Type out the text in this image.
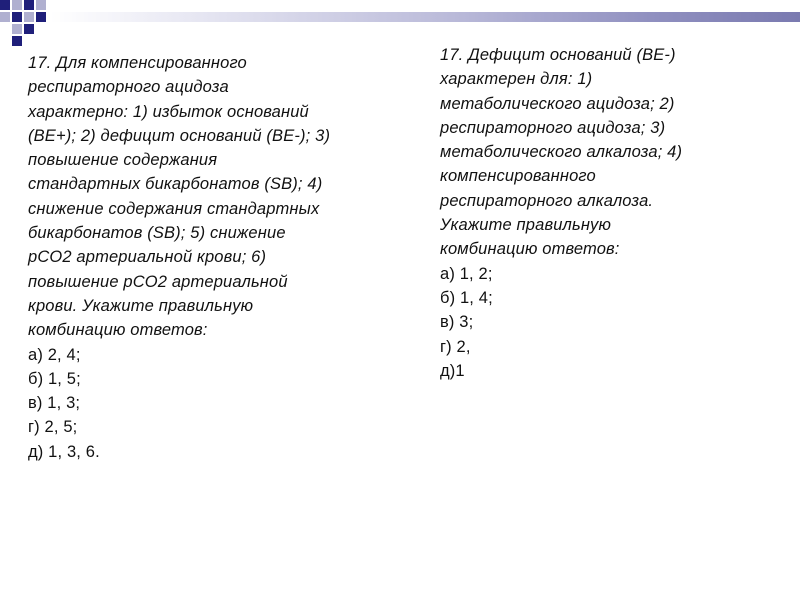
17. Для компенсированного

респираторного ацидоза

характерно: 1) избыток оснований

(BE+); 2) дефицит оснований (BE-); 3)

повышение содержания

стандартных бикарбонатов (SB); 4)

снижение содержания стандартных

бикарбонатов (SB); 5) снижение

pCO2 артериальной крови; 6)

повышение pCO2 артериальной

крови. Укажите правильную

комбинацию ответов:

а) 2, 4;

б) 1, 5;

в) 1, 3;

г) 2, 5;

д) 1, 3, 6.

17. Дефицит оснований (BE-)

характерен для: 1)

метаболического ацидоза; 2)

респираторного ацидоза; 3)

метаболического алкалоза; 4)

компенсированного

респираторного алкалоза.

Укажите правильную

комбинацию ответов:

а) 1, 2;

б) 1, 4;

в) 3;

г) 2,

д)1
